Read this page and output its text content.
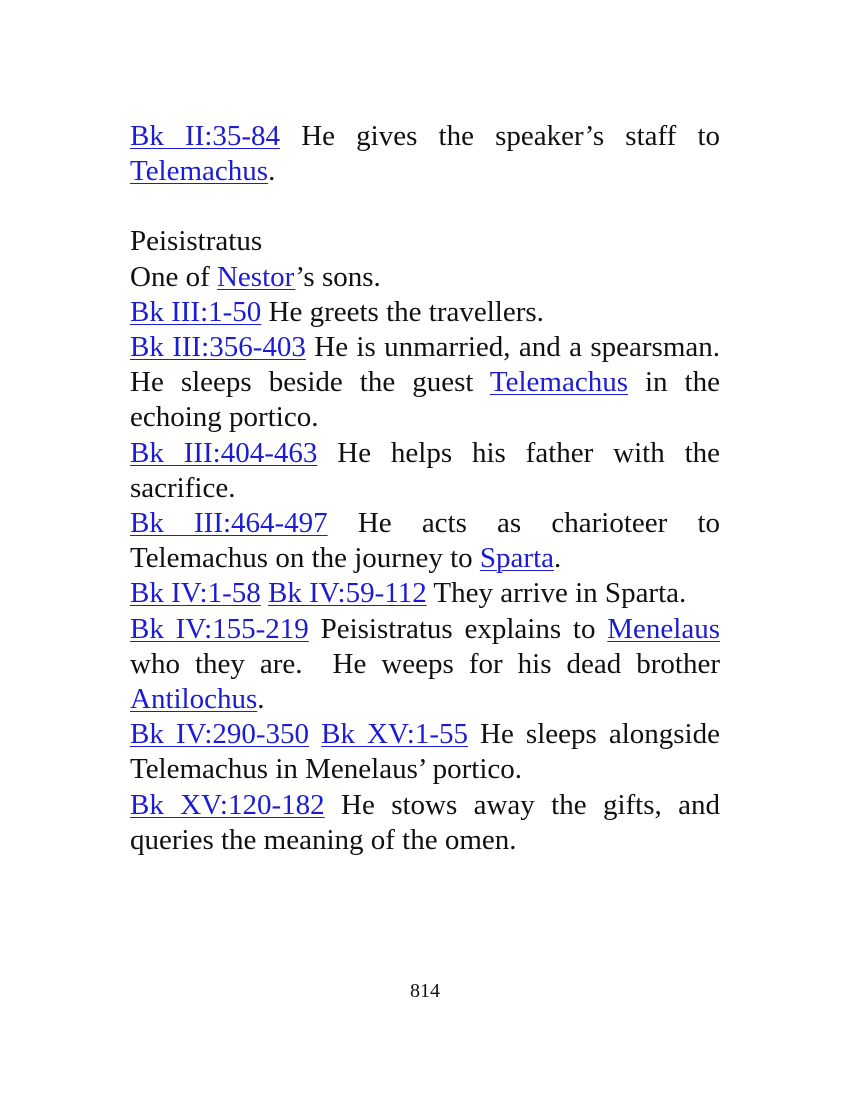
Bk II:35-84 He gives the speaker’s staff to Telemachus.

Peisistratus

One of Nestor’s sons.

Bk III:1-50 He greets the travellers.

Bk III:356-403 He is unmarried, and a spearsman. He sleeps beside the guest Telemachus in the echoing portico.

Bk III:404-463 He helps his father with the sacrifice.

Bk III:464-497 He acts as charioteer to Telemachus on the journey to Sparta.

Bk IV:1-58 Bk IV:59-112 They arrive in Sparta.

Bk IV:155-219 Peisistratus explains to Menelaus who they are.  He weeps for his dead brother Antilochus.

Bk IV:290-350 Bk XV:1-55 He sleeps alongside Telemachus in Menelaus’ portico.

Bk XV:120-182 He stows away the gifts, and queries the meaning of the omen.

814
